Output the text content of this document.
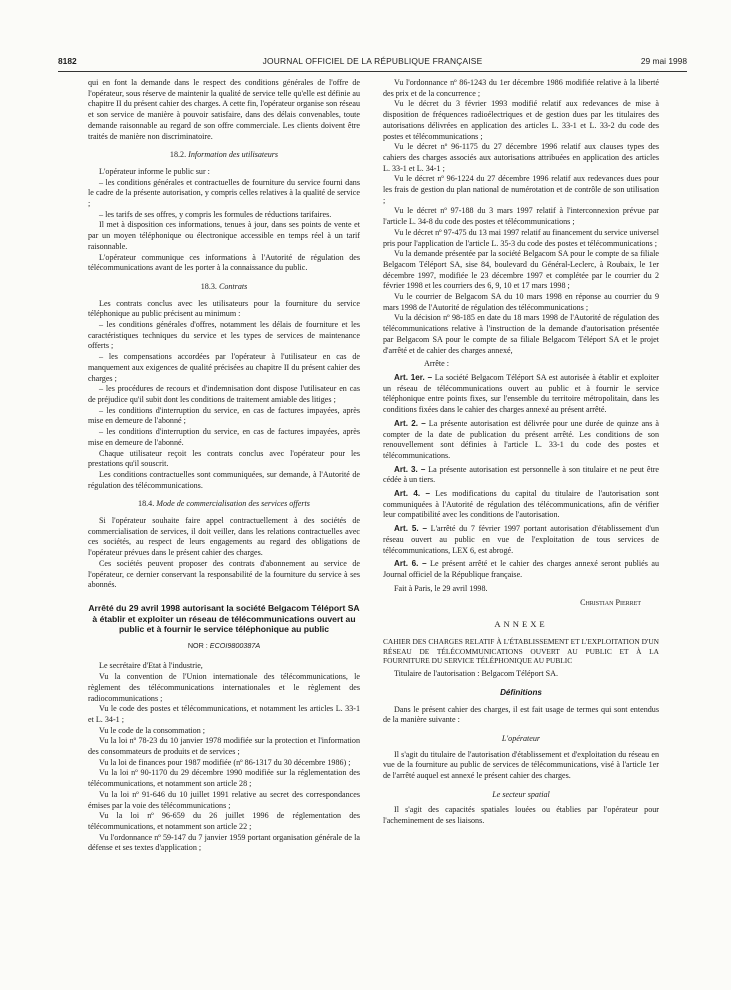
8182	JOURNAL OFFICIEL DE LA RÉPUBLIQUE FRANÇAISE	29 mai 1998

qui en font la demande dans le respect des conditions générales de l'offre de l'opérateur, sous réserve de maintenir la qualité de service telle qu'elle est définie au chapitre II du présent cahier des charges. A cette fin, l'opérateur organise son réseau et son service de manière à pouvoir satisfaire, dans des délais convenables, toute demande raisonnable au regard de son offre commerciale. Les clients doivent être traités de manière non discriminatoire.

18.2. Information des utilisateurs

L'opérateur informe le public sur :

– les conditions générales et contractuelles de fourniture du service fourni dans le cadre de la présente autorisation, y compris celles relatives à la qualité de service ;

– les tarifs de ses offres, y compris les formules de réductions tarifaires.

Il met à disposition ces informations, tenues à jour, dans ses points de vente et par un moyen téléphonique ou électronique accessible en temps réel à un tarif raisonnable.

L'opérateur communique ces informations à l'Autorité de régulation des télécommunications avant de les porter à la connaissance du public.

18.3. Contrats

Les contrats conclus avec les utilisateurs pour la fourniture du service téléphonique au public précisent au minimum :

– les conditions générales d'offres, notamment les délais de fourniture et les caractéristiques techniques du service et les types de services de maintenance offerts ;

– les compensations accordées par l'opérateur à l'utilisateur en cas de manquement aux exigences de qualité précisées au chapitre II du présent cahier des charges ;

– les procédures de recours et d'indemnisation dont dispose l'utilisateur en cas de préjudice qu'il subit dont les conditions de traitement amiable des litiges ;

– les conditions d'interruption du service, en cas de factures impayées, après mise en demeure de l'abonné ;

– les conditions d'interruption du service, en cas de factures impayées, après mise en demeure de l'abonné.

Chaque utilisateur reçoit les contrats conclus avec l'opérateur pour les prestations qu'il souscrit.

Les conditions contractuelles sont communiquées, sur demande, à l'Autorité de régulation des télécommunications.

18.4. Mode de commercialisation des services offerts

Si l'opérateur souhaite faire appel contractuellement à des sociétés de commercialisation de services, il doit veiller, dans les relations contractuelles avec ces sociétés, au respect de leurs engagements au regard des obligations de l'opérateur prévues dans le présent cahier des charges.

Ces sociétés peuvent proposer des contrats d'abonnement au service de l'opérateur, ce dernier conservant la responsabilité de la fourniture du service à ses abonnés.

Arrêté du 29 avril 1998 autorisant la société Belgacom Téléport SA à établir et exploiter un réseau de télécommunications ouvert au public et à fournir le service téléphonique au public
NOR : ECOI9800387A

Le secrétaire d'Etat à l'industrie,

Vu la convention de l'Union internationale des télécommunications, le règlement des télécommunications internationales et le règlement des radiocommunications ;

Vu le code des postes et télécommunications, et notamment les articles L. 33-1 et L. 34-1 ;

Vu le code de la consommation ;

Vu la loi nº 78-23 du 10 janvier 1978 modifiée sur la protection et l'information des consommateurs de produits et de services ;

Vu la loi de finances pour 1987 modifiée (nº 86-1317 du 30 décembre 1986) ;

Vu la loi nº 90-1170 du 29 décembre 1990 modifiée sur la réglementation des télécommunications, et notamment son article 28 ;

Vu la loi nº 91-646 du 10 juillet 1991 relative au secret des correspondances émises par la voie des télécommunications ;

Vu la loi nº 96-659 du 26 juillet 1996 de réglementation des télécommunications, et notamment son article 22 ;

Vu l'ordonnance nº 59-147 du 7 janvier 1959 portant organisation générale de la défense et ses textes d'application ;

Vu l'ordonnance nº 86-1243 du 1er décembre 1986 modifiée relative à la liberté des prix et de la concurrence ;

Vu le décret du 3 février 1993 modifié relatif aux redevances de mise à disposition de fréquences radioélectriques et de gestion dues par les titulaires des autorisations délivrées en application des articles L. 33-1 et L. 33-2 du code des postes et télécommunications ;

Vu le décret nº 96-1175 du 27 décembre 1996 relatif aux clauses types des cahiers des charges associés aux autorisations attribuées en application des articles L. 33-1 et L. 34-1 ;

Vu le décret nº 96-1224 du 27 décembre 1996 relatif aux redevances dues pour les frais de gestion du plan national de numérotation et de contrôle de son utilisation ;

Vu le décret nº 97-188 du 3 mars 1997 relatif à l'interconnexion prévue par l'article L. 34-8 du code des postes et télécommunications ;

Vu le décret nº 97-475 du 13 mai 1997 relatif au financement du service universel pris pour l'application de l'article L. 35-3 du code des postes et télécommunications ;

Vu la demande présentée par la société Belgacom SA pour le compte de sa filiale Belgacom Téléport SA, sise 84, boulevard du Général-Leclerc, à Roubaix, le 1er décembre 1997, modifiée le 23 décembre 1997 et complétée par le courrier du 2 février 1998 et les courriers des 6, 9, 10 et 17 mars 1998 ;

Vu le courrier de Belgacom SA du 10 mars 1998 en réponse au courrier du 9 mars 1998 de l'Autorité de régulation des télécommunications ;

Vu la décision nº 98-185 en date du 18 mars 1998 de l'Autorité de régulation des télécommunications relative à l'instruction de la demande d'autorisation présentée par Belgacom SA pour le compte de sa filiale Belgacom Téléport SA et le projet d'arrêté et de cahier des charges annexé,

Arrête :

Art. 1er. – La société Belgacom Téléport SA est autorisée à établir et exploiter un réseau de télécommunications ouvert au public et à fournir le service téléphonique entre points fixes, sur l'ensemble du territoire métropolitain, dans les conditions fixées dans le cahier des charges annexé au présent arrêté.

Art. 2. – La présente autorisation est délivrée pour une durée de quinze ans à compter de la date de publication du présent arrêté. Les conditions de son renouvellement sont définies à l'article L. 33-1 du code des postes et télécommunications.

Art. 3. – La présente autorisation est personnelle à son titulaire et ne peut être cédée à un tiers.

Art. 4. – Les modifications du capital du titulaire de l'autorisation sont communiquées à l'Autorité de régulation des télécommunications, afin de vérifier leur compatibilité avec les conditions de l'autorisation.

Art. 5. – L'arrêté du 7 février 1997 portant autorisation d'établissement d'un réseau ouvert au public en vue de l'exploitation de tous services de télécommunications, LEX 6, est abrogé.

Art. 6. – Le présent arrêté et le cahier des charges annexé seront publiés au Journal officiel de la République française.

Fait à Paris, le 29 avril 1998.

Christian Pierret
ANNEXE

CAHIER DES CHARGES RELATIF À L'ÉTABLISSEMENT ET L'EXPLOITATION D'UN RÉSEAU DE TÉLÉCOMMUNICATIONS OUVERT AU PUBLIC ET À LA FOURNITURE DU SERVICE TÉLÉPHONIQUE AU PUBLIC

Titulaire de l'autorisation : Belgacom Téléport SA.

Définitions

Dans le présent cahier des charges, il est fait usage de termes qui sont entendus de la manière suivante :

L'opérateur

Il s'agit du titulaire de l'autorisation d'établissement et d'exploitation du réseau en vue de la fourniture au public de services de télécommunications, visé à l'article 1er de l'arrêté auquel est annexé le présent cahier des charges.

Le secteur spatial

Il s'agit des capacités spatiales louées ou établies par l'opérateur pour l'acheminement de ses liaisons.
